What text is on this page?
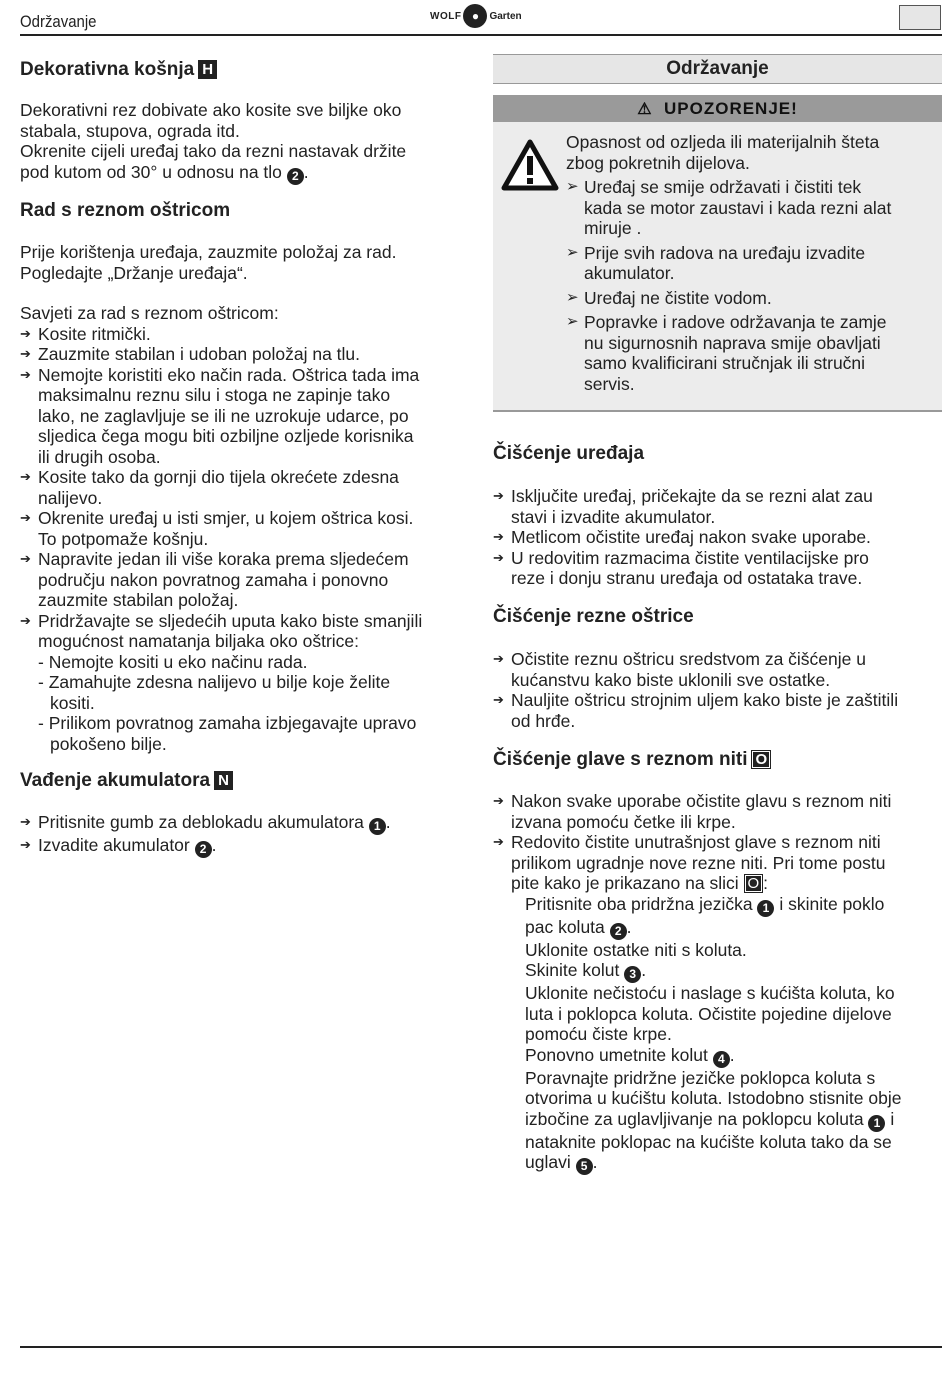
Održavanje	WOLF ●	Garten
Dekorativna košnja H
Dekorativni rez dobivate ako kosite sve biljke oko
stabala, stupova, ograda itd.
Okrenite cijeli uređaj tako da rezni nastavak držite
pod kutom od 30° u odnosu na tlo 2 .
Rad s reznom oštricom
Prije korištenja uređaja, zauzmite položaj za rad.
Pogledajte „Držanje uređaja“.
Savjeti za rad s reznom oštricom:
➔ Kosite ritmički.
➔ Zauzmite stabilan i udoban položaj na tlu.
➔ Nemojte koristiti eko način rada. Oštrica tada ima
maksimalnu reznu silu i stoga ne zapinje tako
lako, ne zaglavljuje se ili ne uzrokuje udarce, po
sljedica čega mogu biti ozbiljne ozljede korisnika
ili drugih osoba.
➔ Kosite tako da gornji dio tijela okrećete zdesna
nalijevo.
➔ Okrenite uređaj u isti smjer, u kojem oštrica kosi.
To potpomaže košnju.
➔ Napravite jedan ili više koraka prema sljedećem
području nakon povratnog zamaha i ponovno
zauzmite stabilan položaj.
➔ Pridržavajte se sljedećih uputa kako biste smanjili
mogućnost namatanja biljaka oko oštrice:
- Nemojte kositi u eko načinu rada.
- Zamahujte zdesna nalijevo u bilje koje želite
kositi.
- Prilikom povratnog zamaha izbjegavajte upravo
pokošeno bilje.
Vađenje akumulatora N
➔ Pritisnite gumb za deblokadu akumulatora 1 .
➔ Izvadite akumulator 2 .
Održavanje
⚠ UPOZORENJE!
Opasnost od ozljeda ili materijalnih šteta
zbog pokretnih dijelova.
➢ Uređaj se smije održavati i čistiti tek
kada se motor zaustavi i kada rezni alat
miruje .
➢ Prije svih radova na uređaju izvadite
akumulator.
➢ Uređaj ne čistite vodom.
➢ Popravke i radove održavanja te zamje
nu sigurnosnih naprava smije obavljati
samo kvalificirani stručnjak ili stručni
servis.
Čišćenje uređaja
➔ Isključite uređaj, pričekajte da se rezni alat zau
stavi i izvadite akumulator.
➔ Metlicom očistite uređaj nakon svake uporabe.
➔ U redovitim razmacima čistite ventilacijske pro
reze i donju stranu uređaja od ostataka trave.
Čišćenje rezne oštrice
➔ Očistite reznu oštricu sredstvom za čišćenje u
kućanstvu kako biste uklonili sve ostatke.
➔ Nauljite oštricu strojnim uljem kako biste je zaštitili
od hrđe.
Čišćenje glave s reznom niti O
➔ Nakon svake uporabe očistite glavu s reznom niti
izvana pomoću četke ili krpe.
➔ Redovito čistite unutrašnjost glave s reznom niti
prilikom ugradnje nove rezne niti. Pri tome postu
pite kako je prikazano na slici O :
Pritisnite oba pridržna jezička 1 i skinite poklo
pac koluta 2 .
Uklonite ostatke niti s koluta.
Skinite kolut 3 .
Uklonite nečistoću i naslage s kućišta koluta, ko
luta i poklopca koluta. Očistite pojedine dijelove
pomoću čiste krpe.
Ponovno umetnite kolut 4 .
Poravnajte pridržne jezičke poklopca koluta s
otvorima u kućištu koluta. Istodobno stisnite obje
izbočine za uglavljivanje na poklopcu koluta 1 i
nataknite poklopac na kućište koluta tako da se
uglavi 5 .
